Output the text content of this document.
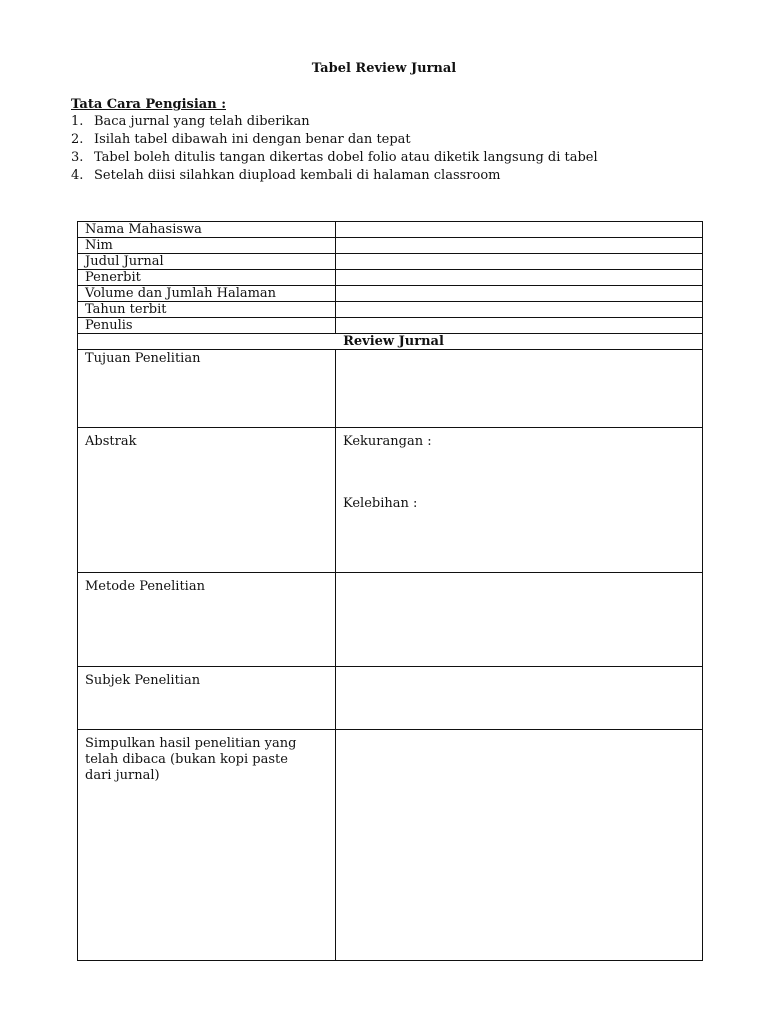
Tabel Review Jurnal
Tata Cara Pengisian :
1. Baca jurnal yang telah diberikan
2. Isilah tabel dibawah ini dengan benar dan tepat
3. Tabel boleh ditulis tangan dikertas dobel folio atau diketik langsung di tabel
4. Setelah diisi silahkan diupload kembali di halaman classroom
Nama Mahasiswa	
Nim	
Judul Jurnal	
Penerbit	
Volume dan Jumlah Halaman	
Tahun terbit	
Penulis	
Review Jurnal	

Tujuan Penelitian	

Abstrak	Kekurangan :
Kelebihan :

Metode Penelitian	

Subjek Penelitian	

Simpulkan hasil penelitian yang
telah dibaca (bukan kopi paste
dari jurnal)	
